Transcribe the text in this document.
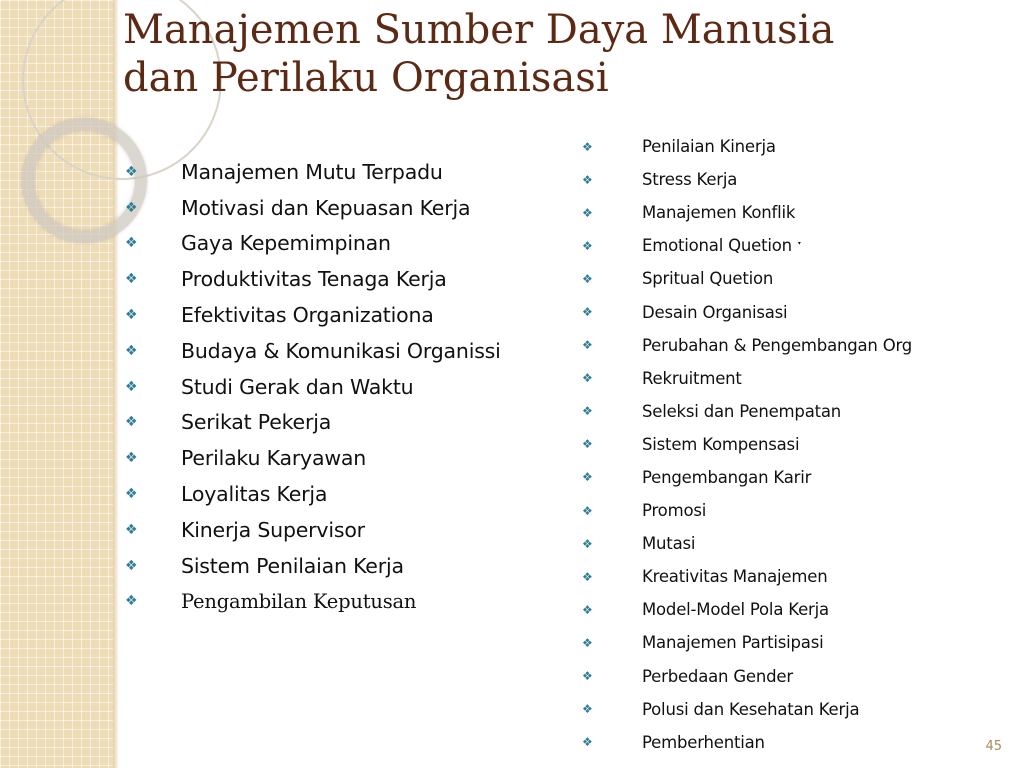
Manajemen Sumber Daya Manusia
dan Perilaku Organisasi
❖	Manajemen Mutu Terpadu
❖	Motivasi dan Kepuasan Kerja
❖	Gaya Kepemimpinan
❖	Produktivitas Tenaga Kerja
❖	Efektivitas Organizationa
❖	Budaya & Komunikasi Organissi
❖	Studi Gerak dan Waktu
❖	Serikat Pekerja
❖	Perilaku Karyawan
❖	Loyalitas Kerja
❖	Kinerja Supervisor
❖	Sistem Penilaian Kerja
❖	Pengambilan Keputusan
❖	Penilaian Kinerja
❖	Stress Kerja
❖	Manajemen Konflik
❖	Emotional Quetion ˑ
❖	Spritual Quetion
❖	Desain Organisasi
❖	Perubahan & Pengembangan Org
❖	Rekruitment
❖	Seleksi dan Penempatan
❖	Sistem Kompensasi
❖	Pengembangan Karir
❖	Promosi
❖	Mutasi
❖	Kreativitas Manajemen
❖	Model-Model Pola Kerja
❖	Manajemen Partisipasi
❖	Perbedaan Gender
❖	Polusi dan Kesehatan Kerja
❖	Pemberhentian	45
